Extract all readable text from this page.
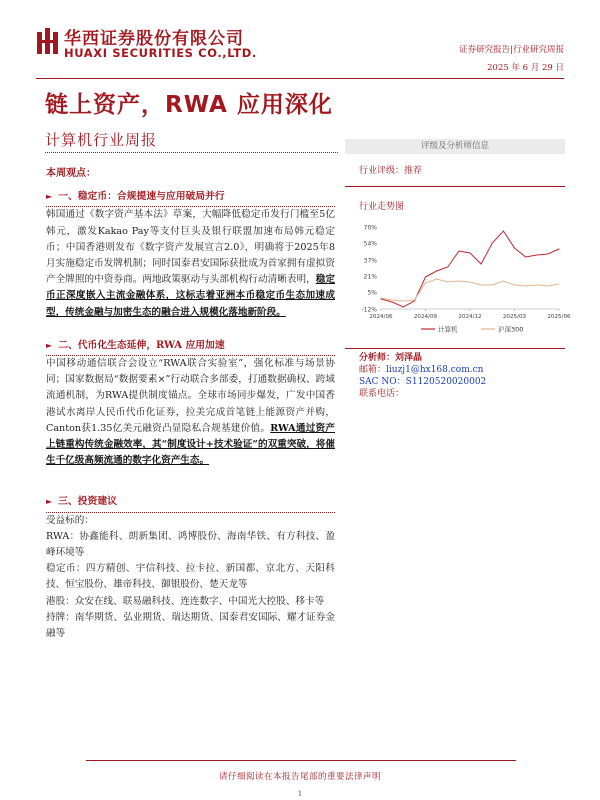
华西证券股份有限公司
HUAXI SECURITIES CO.,LTD.	证券研究报告|行业研究周报
2025 年 6 月 29 日
链上资产，RWA 应用深化
计算机行业周报
本周观点：
► 一、稳定币：合规提速与应用破局并行

韩国通过《数字资产基本法》草案，大幅降低稳定币发行门槛至5亿韩元，激发Kakao Pay等支付巨头及银行联盟加速布局韩元稳定币；中国香港则发布《数字资产发展宣言2.0》，明确将于2025年8月实施稳定币发牌机制；同时国泰君安国际获批成为首家拥有虚拟资产全牌照的中资券商。两地政策驱动与头部机构行动清晰表明，稳定币正深度嵌入主流金融体系，这标志着亚洲本币稳定币生态加速成型，传统金融与加密生态的融合进入规模化落地新阶段。

► 二、代币化生态延伸，RWA 应用加速

中国移动通信联合会设立“RWA联合实验室”，强化标准与场景协同；国家数据局“数据要素×”行动联合多部委，打通数据确权、跨域流通机制，为RWA提供制度锚点。全球市场同步爆发，广发中国香港试水离岸人民币代币化证券，拉美完成首笔链上能源资产并购，Canton获1.35亿美元融资凸显隐私合规基建价值。RWA通过资产上链重构传统金融效率，其“制度设计+技术验证”的双重突破，将催生千亿级高频流通的数字化资产生态。

► 三、投资建议

受益标的：

RWA：协鑫能科、朗新集团、鸿博股份、海南华铁、有方科技、盈峰环境等

稳定币：四方精创、宇信科技、拉卡拉、新国都、京北方、天阳科技、恒宝股份、雄帝科技、御银股份、楚天龙等

港股：众安在线、联易融科技、连连数字、中国光大控股、移卡等

持牌：南华期货、弘业期货、瑞达期货、国泰君安国际、耀才证券金融等

评级及分析师信息
行业评级：推荐
行业走势图
70%
54%
37%
21%
5%
-12%
2024/06	2024/09	2024/12	2025/03	2025/06
计算机	沪深300
分析师：刘泽晶
邮箱：liuzj1@hx168.com.cn
SAC NO：S1120520020002
联系电话：
请仔细阅读在本报告尾部的重要法律声明
1
